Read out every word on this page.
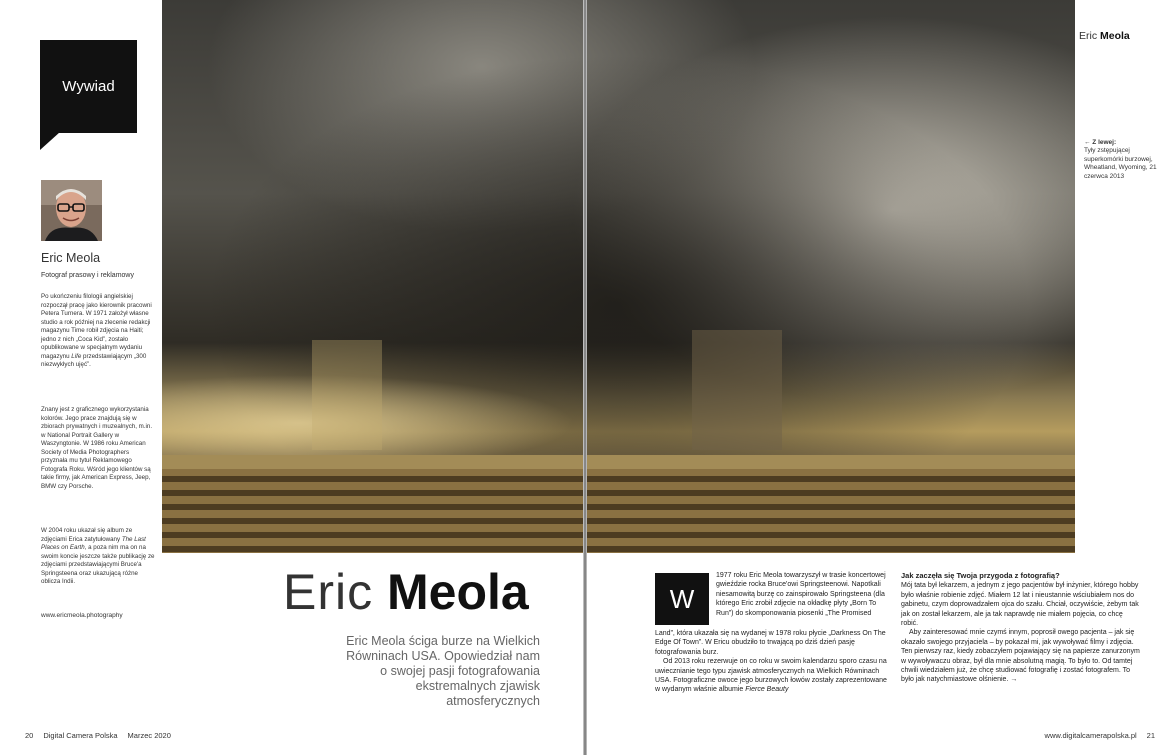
Wywiad
Eric Meola
Fotograf prasowy i reklamowy

Po ukończeniu filologii angielskiej rozpoczął pracę jako kierownik pracowni Petera Turnera. W 1971 założył własne studio a rok później na zlecenie redakcji magazynu Time robił zdjęcia na Haiti; jedno z nich „Coca Kid”, zostało opublikowane w specjalnym wydaniu magazynu Life przedstawiającym „300 niezwykłych ujęć”.

Znany jest z graficznego wykorzystania kolorów. Jego prace znajdują się w zbiorach prywatnych i muzealnych, m.in. w National Portrait Gallery w Waszyngtonie. W 1986 roku American Society of Media Photographers przyznała mu tytuł Reklamowego Fotografa Roku. Wśród jego klientów są takie firmy, jak American Express, Jeep, BMW czy Porsche.

W 2004 roku ukazał się album ze zdjęciami Erica zatytułowany The Last Places on Earth, a poza nim ma on na swoim koncie jeszcze także publikację ze zdjęciami przedstawiającymi Bruce'a Springsteena oraz ukazującą różne oblicza Indii.

www.ericmeola.photography	Eric Meola

Eric Meola ściga burze na Wielkich Równinach USA. Opowiedział nam o swojej pasji fotografowania ekstremalnych zjawisk atmosferycznych

Eric Meola
← Z lewej:
Tyły zstępującej superkomórki burzowej, Wheatland, Wyoming, 21 czerwca 2013
W

1977 roku Eric Meola towarzyszył w trasie koncertowej gwieździe rocka Bruce'owi Springsteenowi. Napotkali niesamowitą burzę co zainspirowało Springsteena (dla którego Eric zrobił zdjęcie na okładkę płyty „Born To Run”) do skomponowania piosenki „The Promised

Land”, która ukazała się na wydanej w 1978 roku płycie „Darkness On The Edge Of Town”. W Ericu obudziło to trwającą po dziś dzień pasję fotografowania burz.

Od 2013 roku rezerwuje on co roku w swoim kalendarzu sporo czasu na uwiecznianie tego typu zjawisk atmosferycznych na Wielkich Równinach USA. Fotograficzne owoce jego burzowych łowów zostały zaprezentowane w wydanym właśnie albumie Fierce Beauty

Jak zaczęła się Twoja przygoda z fotografią?

Mój tata był lekarzem, a jednym z jego pacjentów był inżynier, którego hobby było właśnie robienie zdjęć. Miałem 12 lat i nieustannie wściubiałem nos do gabinetu, czym doprowadzałem ojca do szału. Chciał, oczywiście, żebym tak jak on został lekarzem, ale ja tak naprawdę nie miałem pojęcia, co chcę robić.

Aby zainteresować mnie czymś innym, poprosił owego pacjenta – jak się okazało swojego przyjaciela – by pokazał mi, jak wywoływać filmy i zdjęcia. Ten pierwszy raz, kiedy zobaczyłem pojawiający się na papierze zanurzonym w wywoływaczu obraz, był dla mnie absolutną magią. To było to. Od tamtej chwili wiedziałem już, że chcę studiować fotografię i zostać fotografem. To było jak natychmiastowe olśnienie. →

20 Digital Camera Polska Marzec 2020	www.digitalcamerapolska.pl 21
